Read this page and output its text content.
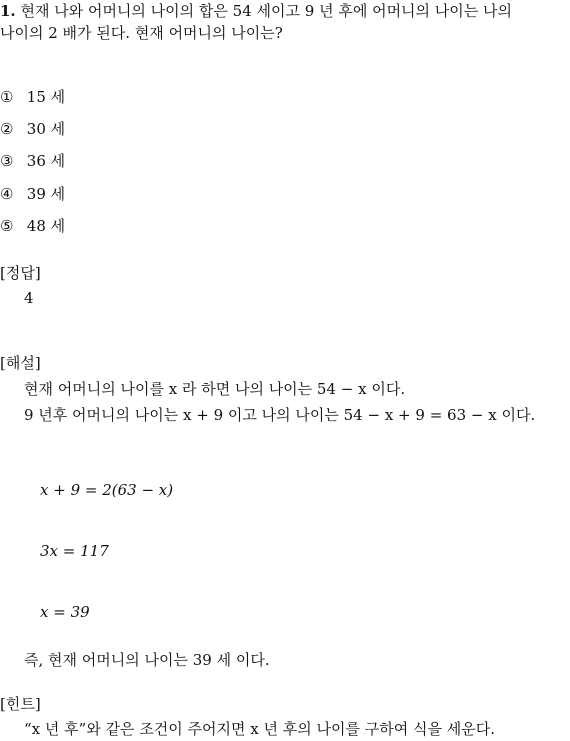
1. 현재 나와 어머니의 나이의 합은 54 세이고 9 년 후에 어머니의 나이는 나의
나이의 2 배가 된다. 현재 어머니의 나이는?
① 15 세
② 30 세
③ 36 세
④ 39 세
⑤ 48 세
[정답]
4
[해설]
현재 어머니의 나이를 x 라 하면 나의 나이는 54 − x 이다.
9 년후 어머니의 나이는 x + 9 이고 나의 나이는 54 − x + 9 = 63 − x 이다.
x + 9 = 2(63 − x)
3x = 117
x = 39
즉, 현재 어머니의 나이는 39 세 이다.
[힌트]
“x 년 후”와 같은 조건이 주어지면 x 년 후의 나이를 구하여 식을 세운다.
